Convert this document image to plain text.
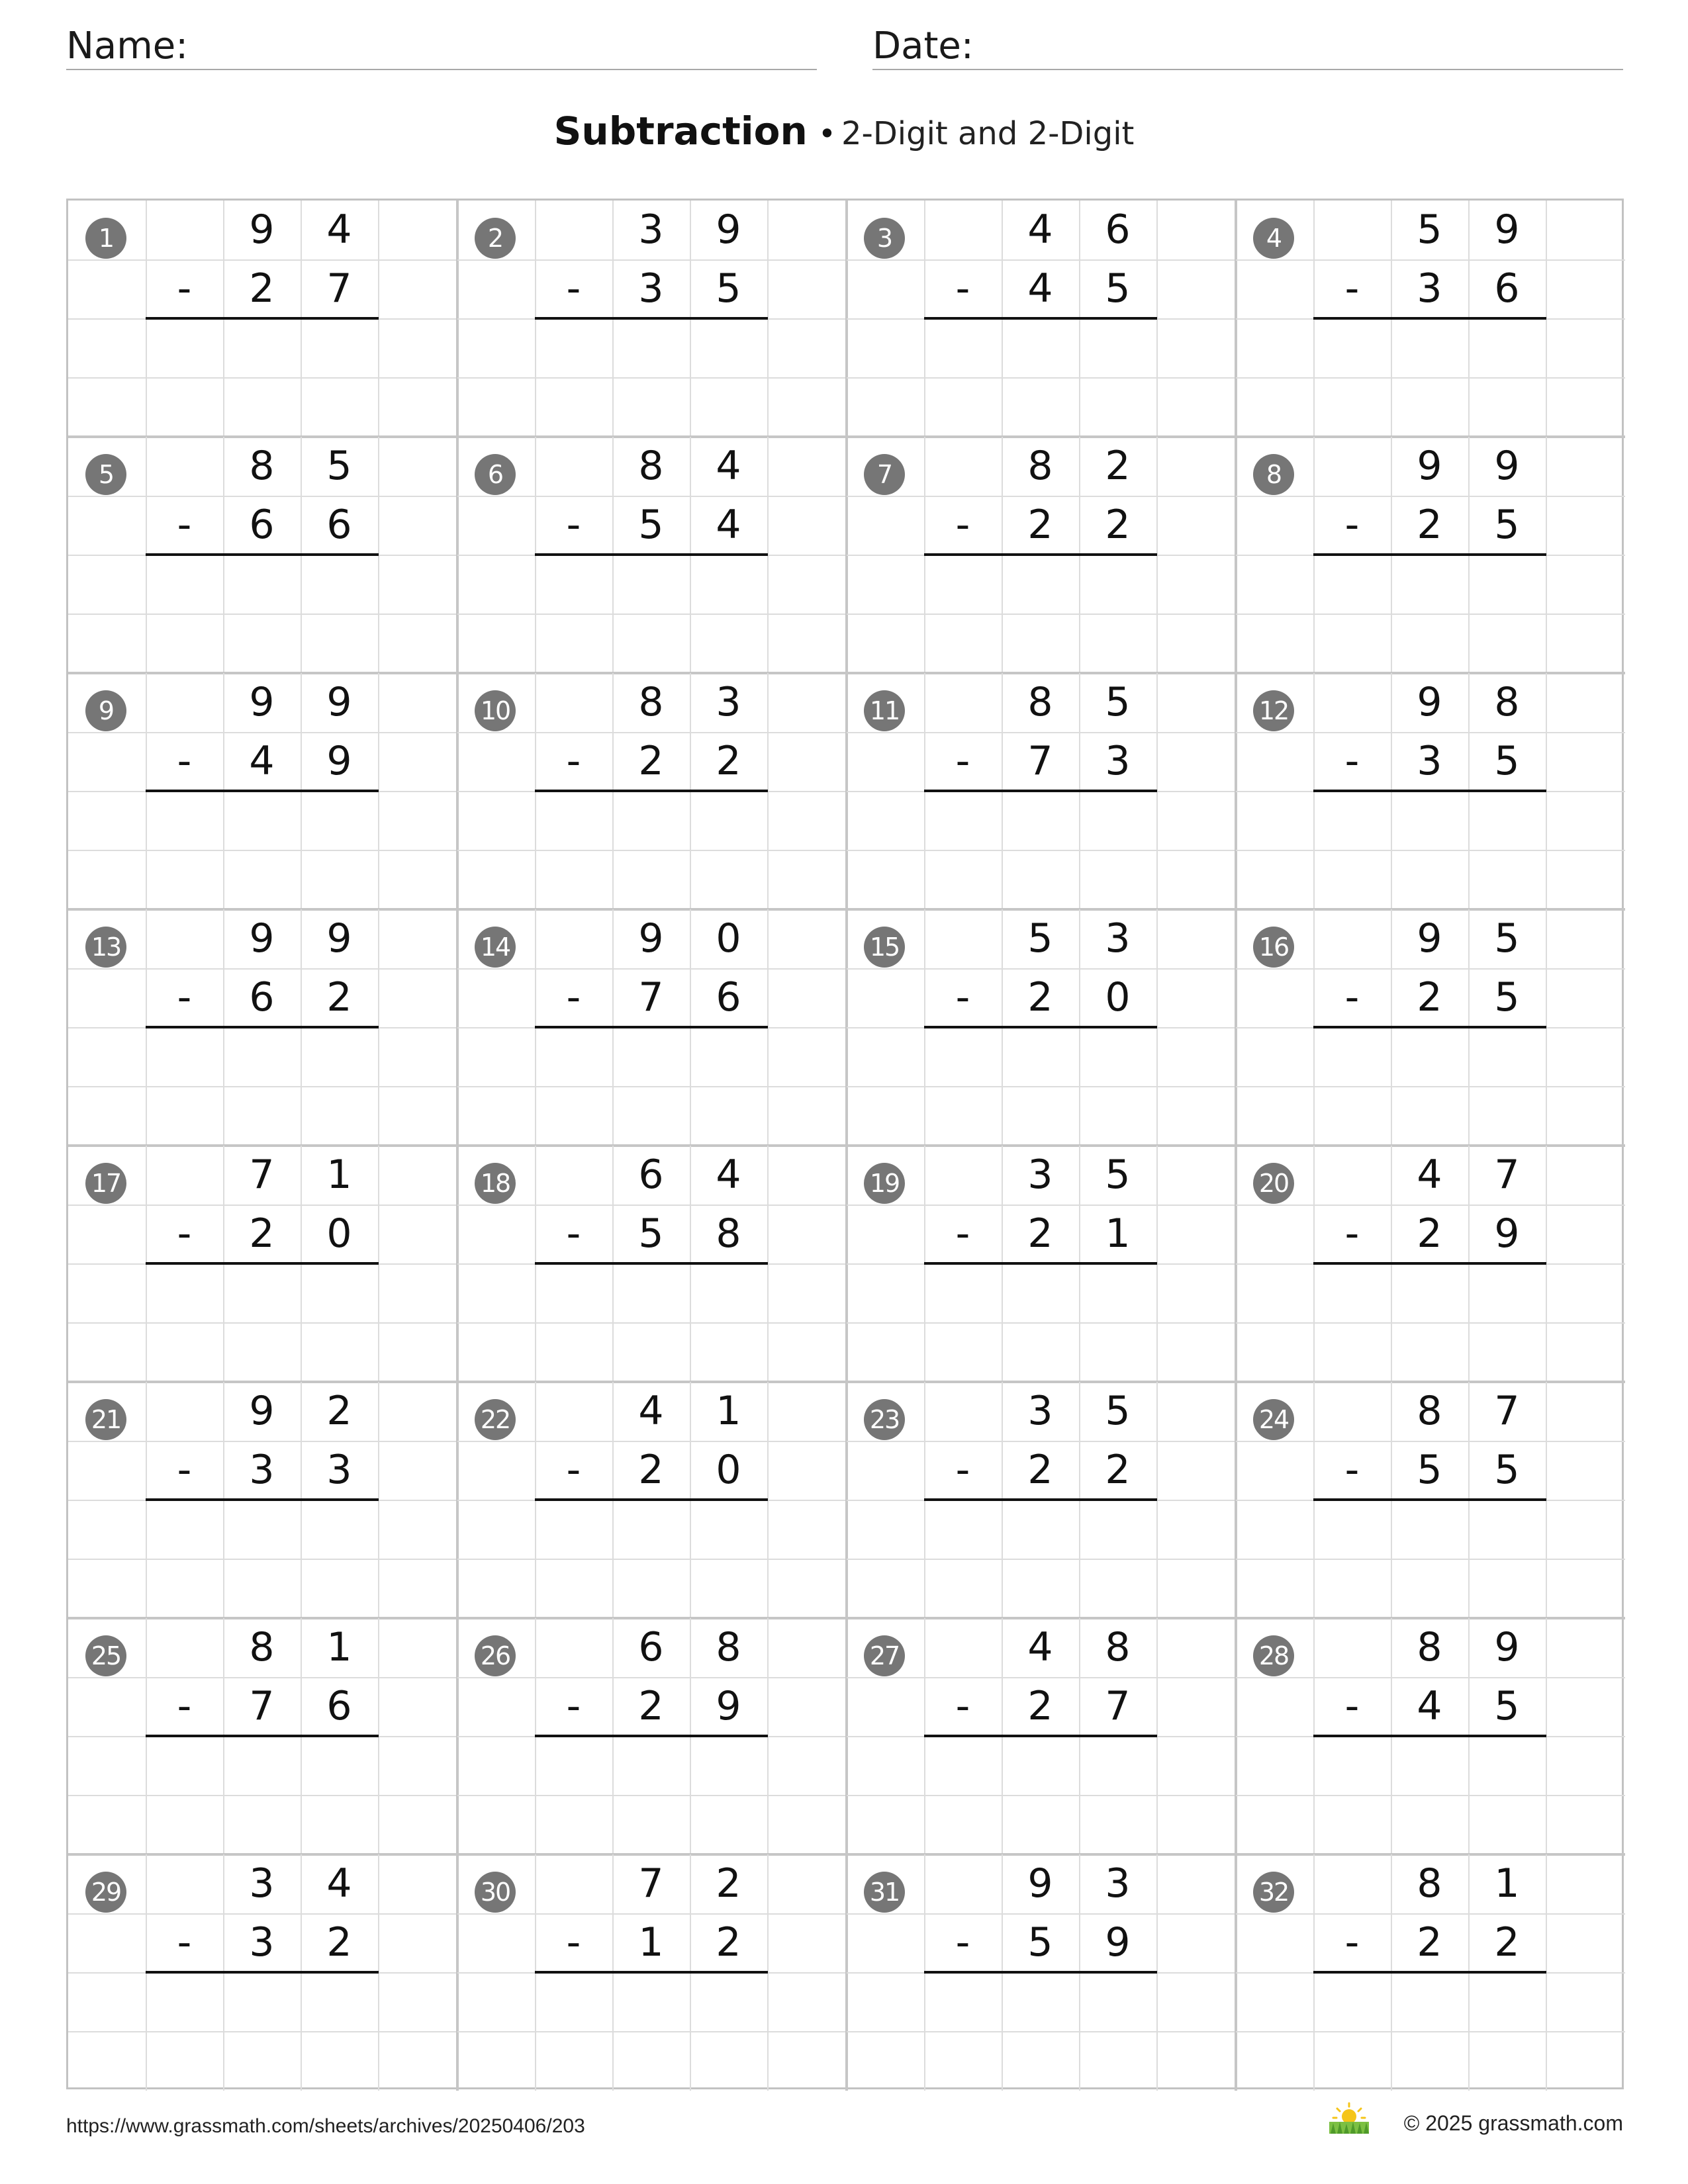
Name:	Date:
Subtraction • 2-Digit and 2-Digit
1	9	4
-	2	7
2	3	9
-	3	5
3	4	6
-	4	5
4	5	9
-	3	6
5	8	5
-	6	6
6	8	4
-	5	4
7	8	2
-	2	2
8	9	9
-	2	5
9	9	9
-	4	9
10	8	3
-	2	2
11	8	5
-	7	3
12	9	8
-	3	5
13	9	9
-	6	2
14	9	0
-	7	6
15	5	3
-	2	0
16	9	5
-	2	5
17	7	1
-	2	0
18	6	4
-	5	8
19	3	5
-	2	1
20	4	7
-	2	9
21	9	2
-	3	3
22	4	1
-	2	0
23	3	5
-	2	2
24	8	7
-	5	5
25	8	1
-	7	6
26	6	8
-	2	9
27	4	8
-	2	7
28	8	9
-	4	5
29	3	4
-	3	2
30	7	2
-	1	2
31	9	3
-	5	9
32	8	1
-	2	2
https://www.grassmath.com/sheets/archives/20250406/203	© 2025 grassmath.com
